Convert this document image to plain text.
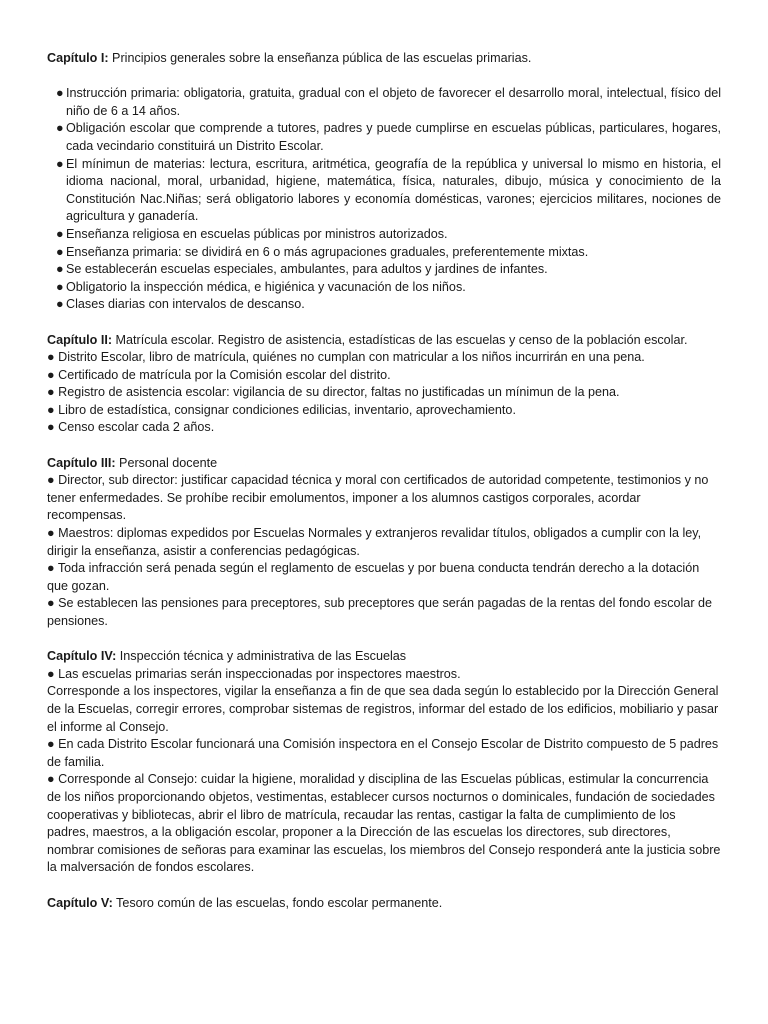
Capítulo I: Principios generales sobre la enseñanza pública de las escuelas primarias.

● Instrucción primaria: obligatoria, gratuita, gradual con el objeto de favorecer el desarrollo moral, intelectual, físico del niño de 6 a 14 años.
● Obligación escolar que comprende a tutores, padres y puede cumplirse en escuelas públicas, particulares, hogares, cada vecindario constituirá un Distrito Escolar.
● El mínimun de materias: lectura, escritura, aritmética, geografía de la república y universal lo mismo en historia, el idioma nacional, moral, urbanidad, higiene, matemática, física, naturales, dibujo, música y conocimiento de la Constitución Nac.Niñas; será obligatorio labores y economía domésticas, varones; ejercicios militares, nociones de agricultura y ganadería.
● Enseñanza religiosa en escuelas públicas por ministros autorizados.
● Enseñanza primaria: se dividirá en 6 o más agrupaciones graduales, preferentemente mixtas.
● Se establecerán escuelas especiales, ambulantes, para adultos y jardines de infantes.
● Obligatorio la inspección médica, e higiénica y vacunación de los niños.
● Clases diarias con intervalos de descanso.

Capítulo II: Matrícula escolar. Registro de asistencia, estadísticas de las escuelas y censo de la población escolar.

● Distrito Escolar, libro de matrícula, quiénes no cumplan con matricular a los niños incurrirán en una pena.
● Certificado de matrícula por la Comisión escolar del distrito.
● Registro de asistencia escolar: vigilancia de su director, faltas no justificadas un mínimun de la pena.
● Libro de estadística, consignar condiciones edilicias, inventario, aprovechamiento.
● Censo escolar cada 2 años.

Capítulo III: Personal docente

● Director, sub director: justificar capacidad técnica y moral con certificados de autoridad competente, testimonios y no tener enfermedades. Se prohíbe recibir emolumentos, imponer a los alumnos castigos corporales, acordar recompensas.
● Maestros: diplomas expedidos por Escuelas Normales y extranjeros revalidar títulos, obligados a cumplir con la ley, dirigir la enseñanza, asistir a conferencias pedagógicas.
● Toda infracción será penada según el reglamento de escuelas y por buena conducta tendrán derecho a la dotación que gozan.
● Se establecen las pensiones para preceptores, sub preceptores que serán pagadas de la rentas del fondo escolar de pensiones.

Capítulo IV: Inspección técnica y administrativa de las Escuelas

● Las escuelas primarias serán inspeccionadas por inspectores maestros.
Corresponde a los inspectores, vigilar la enseñanza a fin de que sea dada según lo establecido por la Dirección General de la Escuelas, corregir errores, comprobar sistemas de registros, informar del estado de los edificios, mobiliario y pasar el informe al Consejo.
● En cada Distrito Escolar funcionará una Comisión inspectora en el Consejo Escolar de Distrito compuesto de 5 padres de familia.
● Corresponde al Consejo: cuidar la higiene, moralidad y disciplina de las Escuelas públicas, estimular la concurrencia de los niños proporcionando objetos, vestimentas, establecer cursos nocturnos o dominicales, fundación de sociedades cooperativas y bibliotecas, abrir el libro de matrícula, recaudar las rentas, castigar la falta de cumplimiento de los padres, maestros, a la obligación escolar, proponer a la Dirección de las escuelas los directores, sub directores, nombrar comisiones de señoras para examinar las escuelas, los miembros del Consejo responderá ante la justicia sobre la malversación de fondos escolares.

Capítulo V: Tesoro común de las escuelas, fondo escolar permanente.
